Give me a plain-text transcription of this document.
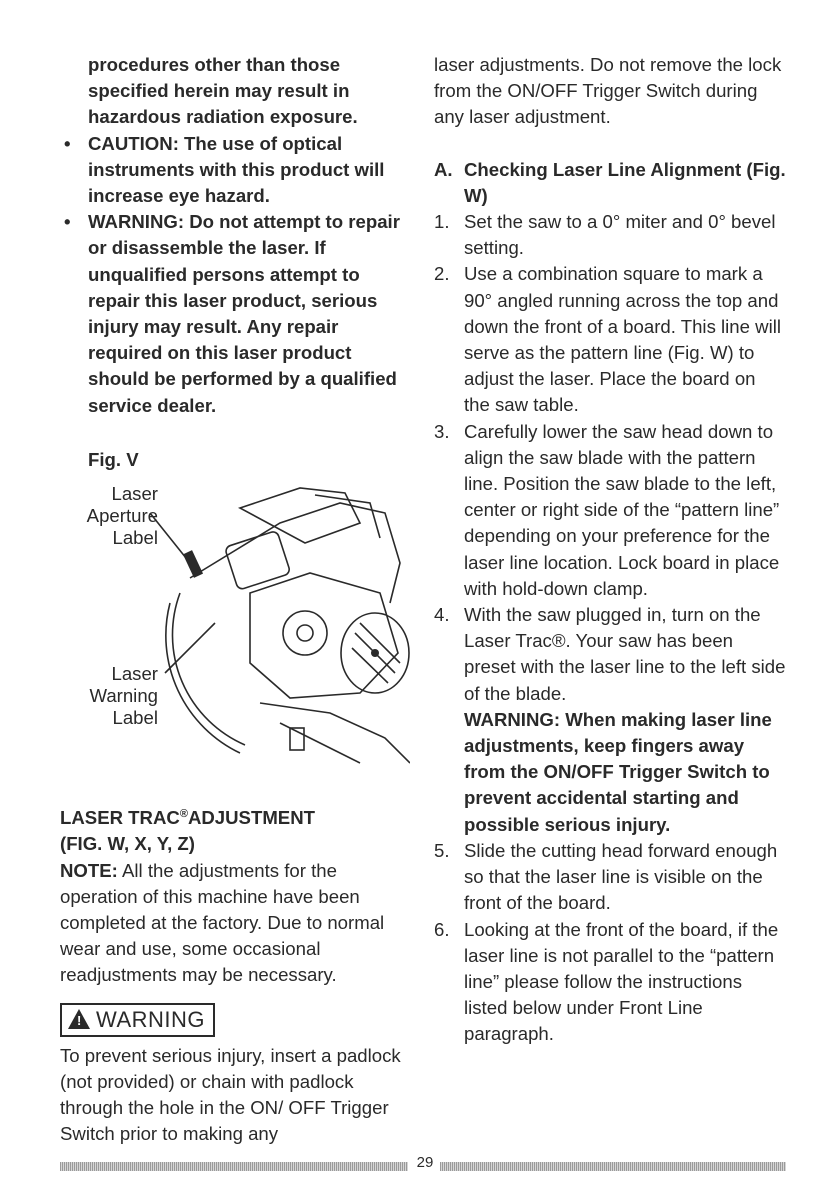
procedures other than those specified herein may result in hazardous radiation exposure.
• CAUTION: The use of optical instruments with this product will increase eye hazard.
• WARNING: Do not attempt to repair or disassemble the laser. If unqualified persons attempt to repair this laser product, serious injury may result. Any repair required on this laser product should be performed by a qualified service dealer.
Fig. V
Laser
Aperture
Label
Laser
Warning
Label
LASER TRAC®ADJUSTMENT
(FIG. W, X, Y, Z)
NOTE: All the adjustments for the operation of this machine have been completed at the factory. Due to normal wear and use, some occasional readjustments may be necessary.
! WARNING
To prevent serious injury, insert a padlock (not provided) or chain with padlock through the hole in the ON/ OFF Trigger Switch prior to making any
laser adjustments. Do not remove the lock from the ON/OFF Trigger Switch during any laser adjustment.
A. Checking Laser Line Alignment (Fig. W)
1. Set the saw to a 0° miter and 0° bevel setting.
2. Use a combination square to mark a 90° angled running across the top and down the front of a board. This line will serve as the pattern line (Fig. W) to adjust the laser. Place the board on the saw table.
3. Carefully lower the saw head down to align the saw blade with the pattern line. Position the saw blade to the left, center or right side of the “pattern line” depending on your preference for the laser line location. Lock board in place with hold-down clamp.
4. With the saw plugged in, turn on the Laser Trac®. Your saw has been preset with the laser line to the left side of the blade.
WARNING: When making laser line adjustments, keep fingers away from the ON/OFF Trigger Switch to prevent accidental starting and possible serious injury.
5. Slide the cutting head forward enough so that the laser line is visible on the front of the board.
6. Looking at the front of the board, if the laser line is not parallel to the “pattern line” please follow the instructions listed below under Front Line paragraph.
29
